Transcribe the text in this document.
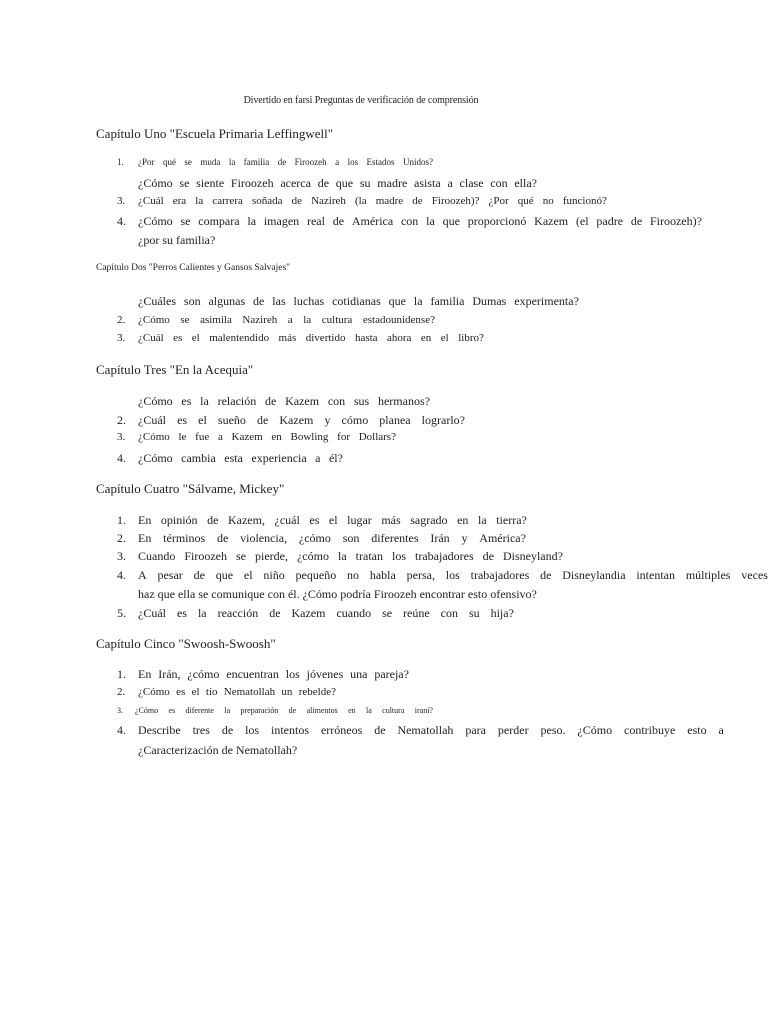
Divertido en farsi Preguntas de verificación de comprensión
Capítulo Uno "Escuela Primaria Leffingwell"
1. ¿Por qué se muda la familia de Firoozeh a los Estados Unidos?
¿Cómo se siente Firoozeh acerca de que su madre asista a clase con ella?
3. ¿Cuál era la carrera soñada de Nazireh (la madre de Firoozeh)? ¿Por qué no funcionó?
4. ¿Cómo se compara la imagen real de América con la que proporcionó Kazem (el padre de Firoozeh)?
¿por su familia?
Capítulo Dos "Perros Calientes y Gansos Salvajes"
¿Cuáles son algunas de las luchas cotidianas que la familia Dumas experimenta?
2. ¿Cómo se asimila Nazireh a la cultura estadounidense?
3. ¿Cuál es el malentendido más divertido hasta ahora en el libro?
Capítulo Tres "En la Acequia"
¿Cómo es la relación de Kazem con sus hermanos?
2. ¿Cuál es el sueño de Kazem y cómo planea lograrlo?
3. ¿Cómo le fue a Kazem en Bowling for Dollars?
4. ¿Cómo cambia esta experiencia a él?
Capítulo Cuatro "Sálvame, Mickey"
1. En opinión de Kazem, ¿cuál es el lugar más sagrado en la tierra?
2. En términos de violencia, ¿cómo son diferentes Irán y América?
3. Cuando Firoozeh se pierde, ¿cómo la tratan los trabajadores de Disneyland?
4. A pesar de que el niño pequeño no habla persa, los trabajadores de Disneylandia intentan múltiples veces
haz que ella se comunique con él. ¿Cómo podría Firoozeh encontrar esto ofensivo?
5. ¿Cuál es la reacción de Kazem cuando se reúne con su hija?
Capítulo Cinco "Swoosh-Swoosh"
1. En Irán, ¿cómo encuentran los jóvenes una pareja?
2. ¿Cómo es el tío Nematollah un rebelde?
3. ¿Cómo es diferente la preparación de alimentos en la cultura iraní?
4. Describe tres de los intentos erróneos de Nematollah para perder peso. ¿Cómo contribuye esto a
¿Caracterización de Nematollah?
